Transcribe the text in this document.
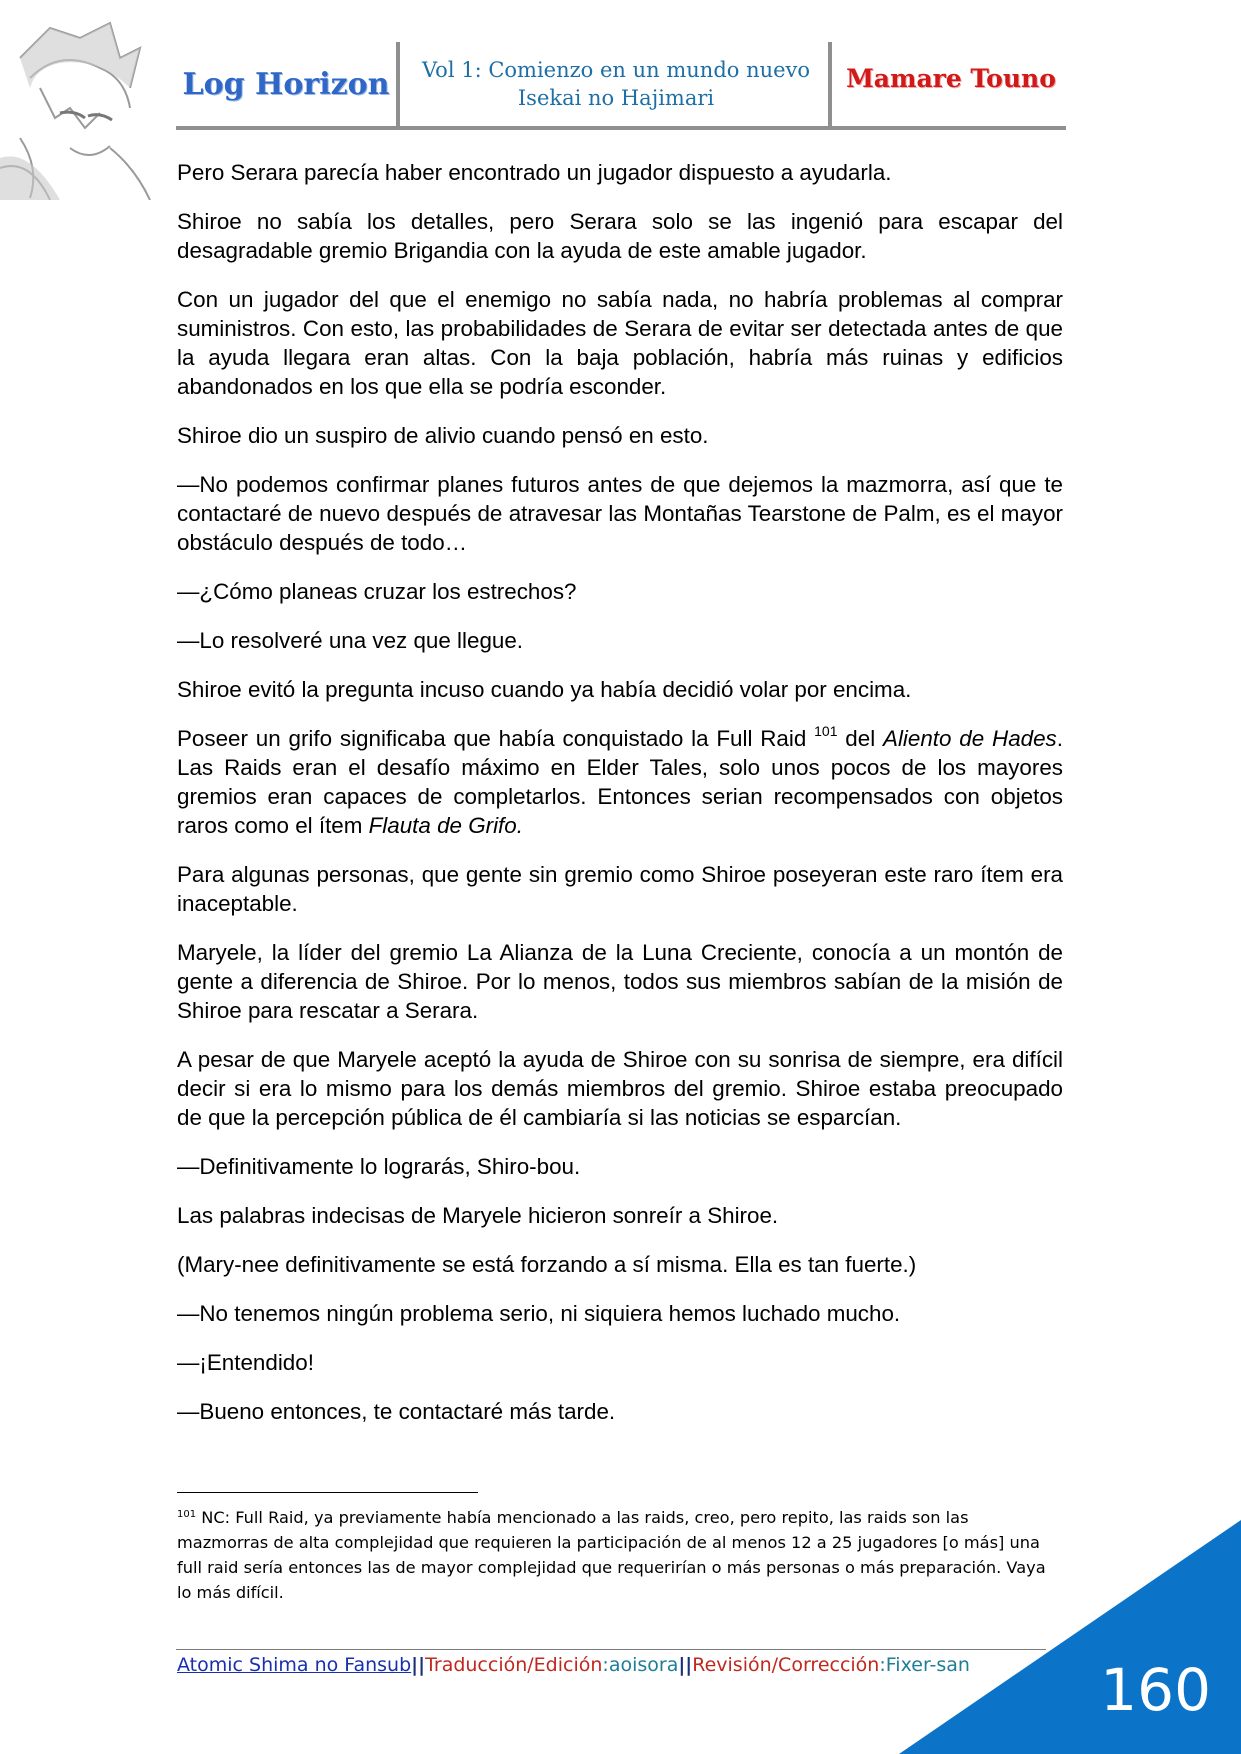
Log Horizon	Vol 1: Comienzo en un mundo nuevo
Isekai no Hajimari
Mamare Touno

Pero Serara parecía haber encontrado un jugador dispuesto a ayudarla.

Shiroe no sabía los detalles, pero Serara solo se las ingenió para escapar del desagradable gremio Brigandia con la ayuda de este amable jugador.

Con un jugador del que el enemigo no sabía nada, no habría problemas al comprar suministros. Con esto, las probabilidades de Serara de evitar ser detectada antes de que la ayuda llegara eran altas. Con la baja población, habría más ruinas y edificios abandonados en los que ella se podría esconder.

Shiroe dio un suspiro de alivio cuando pensó en esto.

—No podemos confirmar planes futuros antes de que dejemos la mazmorra, así que te contactaré de nuevo después de atravesar las Montañas Tearstone de Palm, es el mayor obstáculo después de todo…

—¿Cómo planeas cruzar los estrechos?

—Lo resolveré una vez que llegue.

Shiroe evitó la pregunta incuso cuando ya había decidió volar por encima.

Poseer un grifo significaba que había conquistado la Full Raid $^{101}$ del Aliento de Hades. Las Raids eran el desafío máximo en Elder Tales, solo unos pocos de los mayores gremios eran capaces de completarlos. Entonces serian recompensados con objetos raros como el ítem Flauta de Grifo.

Para algunas personas, que gente sin gremio como Shiroe poseyeran este raro ítem era inaceptable.

Maryele, la líder del gremio La Alianza de la Luna Creciente, conocía a un montón de gente a diferencia de Shiroe. Por lo menos, todos sus miembros sabían de la misión de Shiroe para rescatar a Serara.

A pesar de que Maryele aceptó la ayuda de Shiroe con su sonrisa de siempre, era difícil decir si era lo mismo para los demás miembros del gremio. Shiroe estaba preocupado de que la percepción pública de él cambiaría si las noticias se esparcían.

—Definitivamente lo lograrás, Shiro-bou.

Las palabras indecisas de Maryele hicieron sonreír a Shiroe.

(Mary-nee definitivamente se está forzando a sí misma. Ella es tan fuerte.)

—No tenemos ningún problema serio, ni siquiera hemos luchado mucho.

—¡Entendido!

—Bueno entonces, te contactaré más tarde.

$^{101}$ NC: Full Raid, ya previamente había mencionado a las raids, creo, pero repito, las raids son las mazmorras de alta complejidad que requieren la participación de al menos 12 a 25 jugadores [o más] una full raid sería entonces las de mayor complejidad que requerirían o más personas o más preparación. Vaya lo más difícil.
Atomic Shima no Fansub||Traducción/Edición:aoisora||Revisión/Corrección:Fixer-san	160
